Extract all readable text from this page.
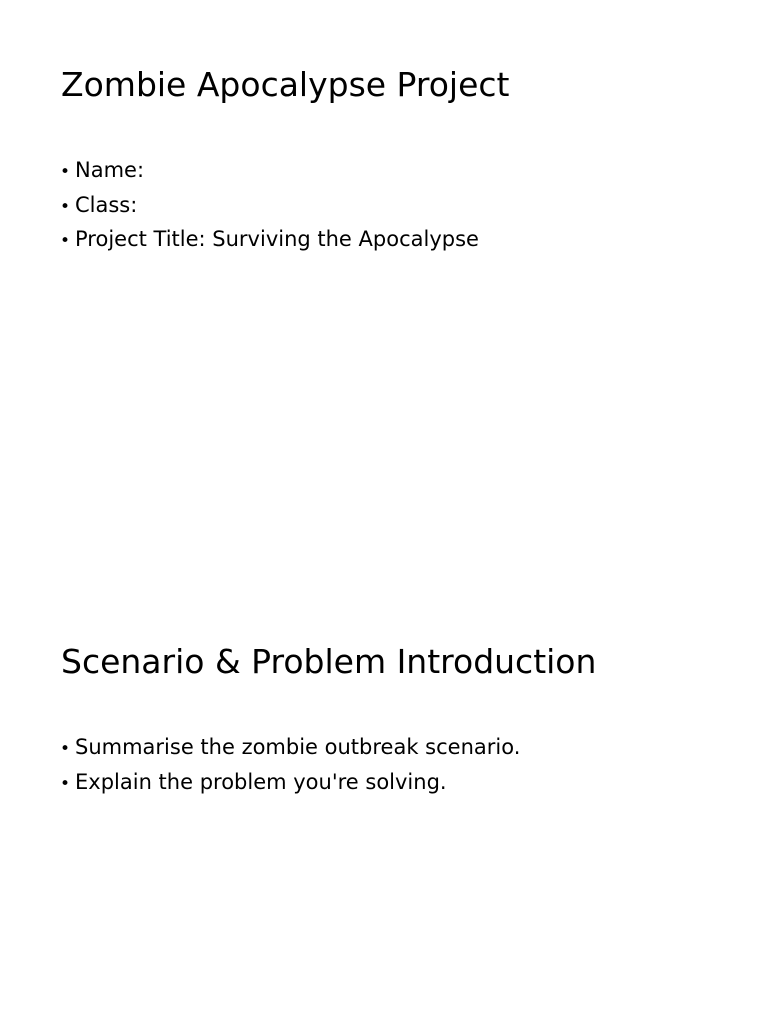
Zombie Apocalypse Project
• Name:
• Class:
• Project Title: Surviving the Apocalypse
Scenario & Problem Introduction
• Summarise the zombie outbreak scenario.
• Explain the problem you're solving.
